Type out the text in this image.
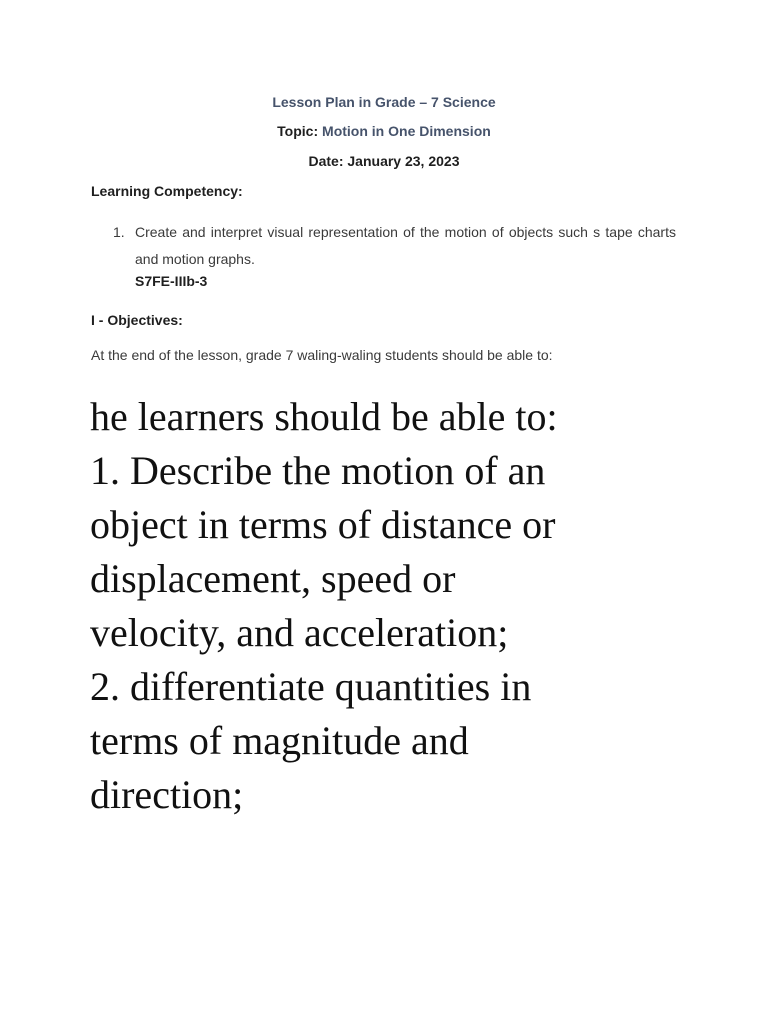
Lesson Plan in Grade – 7 Science
Topic: Motion in One Dimension
Date: January 23, 2023
Learning Competency:
1. Create and interpret visual representation of the motion of objects such s tape charts and motion graphs.
S7FE-IIIb-3
I - Objectives:
At the end of the lesson, grade 7 waling-waling students should be able to:
he learners should be able to:
1. Describe the motion of an
object in terms of distance or
displacement, speed or
velocity, and acceleration;
2. differentiate quantities in
terms of magnitude and
direction;
